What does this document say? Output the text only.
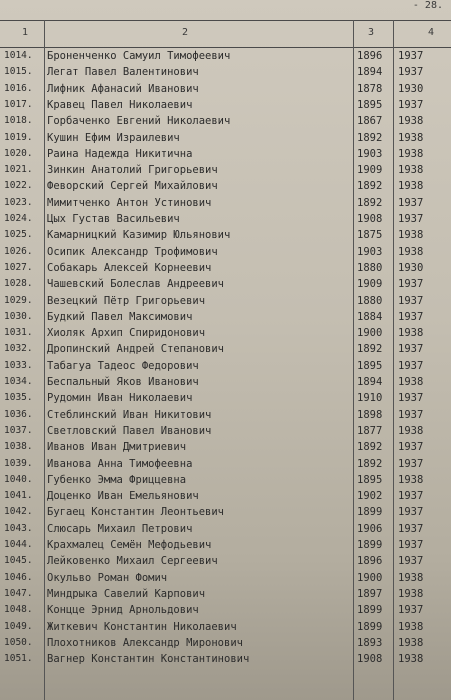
- 28.
1	2	3	4
1014.	Броненченко Самуил Тимофеевич	1896	1937
1015.	Легат Павел Валентинович	1894	1937
1016.	Лифник Афанасий Иванович	1878	1930
1017.	Кравец Павел Николаевич	1895	1937
1018.	Горбаченко Евгений Николаевич	1867	1938
1019.	Кушин Ефим Израилевич	1892	1938
1020.	Раина Надежда Никитична	1903	1938
1021.	Зинкин Анатолий Григорьевич	1909	1938
1022.	Феворский Сергей Михайлович	1892	1938
1023.	Мимитченко Антон Устинович	1892	1937
1024.	Цых Густав Васильевич	1908	1937
1025.	Камарницкий Казимир Юльянович	1875	1938
1026.	Осипик Александр Трофимович	1903	1938
1027.	Собакарь Алексей Корнеевич	1880	1930
1028.	Чашевский Болеслав Андреевич	1909	1937
1029.	Везецкий Пётр Григорьевич	1880	1937
1030.	Будкий Павел Максимович	1884	1937
1031.	Хиоляк Архип Спиридонович	1900	1938
1032.	Дропинский Андрей Степанович	1892	1937
1033.	Табагуа Тадеос Федорович	1895	1937
1034.	Беспальный Яков Иванович	1894	1938
1035.	Рудомин Иван Николаевич	1910	1937
1036.	Стеблинский Иван Никитович	1898	1937
1037.	Светловский Павел Иванович	1877	1938
1038.	Иванов Иван Дмитриевич	1892	1937
1039.	Иванова Анна Тимофеевна	1892	1937
1040.	Губенко Эмма Фриццевна	1895	1938
1041.	Доценко Иван Емельянович	1902	1937
1042.	Бугаец Константин Леонтьевич	1899	1937
1043.	Слюсарь Михаил Петрович	1906	1937
1044.	Крахмалец Семён Мефодьевич	1899	1937
1045.	Лейковенко Михаил Сергеевич	1896	1937
1046.	Окульво Роман Фомич	1900	1938
1047.	Миндрыка Савелий Карпович	1897	1938
1048.	Концце Эрнид Арнольдович	1899	1937
1049.	Житкевич Константин Николаевич	1899	1938
1050.	Плохотников Александр Миронович	1893	1938
1051.	Вагнер Константин Константинович	1908	1938
